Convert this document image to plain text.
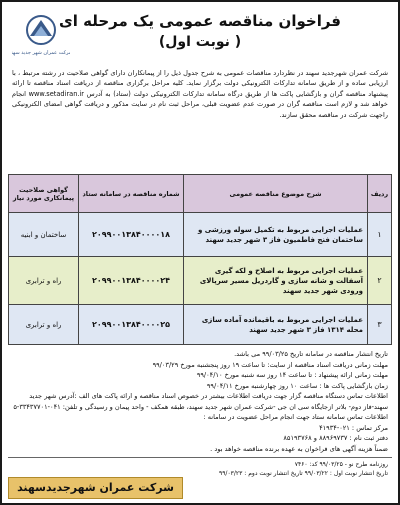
فراخوان مناقصه عمومی یک مرحله ای
( نوبت اول)
شرکت عمران شهر جدید سهند

شرکت عمران شهرجدید سهند در نظردارد مناقصات عمومی به شرح جدول ذیل را از پیمانکاران دارای گواهی صلاحیت در رشته مرتبط ، با ارزیابی ساده و از طریق سامانه تدارکات الکترونیکی دولت برگزار نماید. کلیه مراحل برگزاری مناقصه از دریافت اسناد مناقصه تا ارائه پیشنهاد مناقصه گران و بازگشایی پاکت ها از طریق درگاه سامانه تدارکات الکترونیکی دولت (ستاد) به آدرس www.setadiran.ir انجام خواهد شد و لازم است مناقصه گران در صورت عدم عضویت قبلی، مراحل ثبت نام در سایت مذکور و دریافت گواهی امضای الکترونیکی راجهت شرکت در مناقصه محقق سازند.

ردیف	شرح موضوع مناقصه عمومی	شماره مناقصه در سامانه ستاد	گواهی صلاحیت پیمانکاری مورد نیاز
۱	عملیات اجرایی مربوط به تکمیل سوله ورزشی و ساختمان فنج فاطمیون فاز ۳ شهر جدید سهند	۲۰۹۹۰۰۱۳۸۴۰۰۰۰۱۸	ساختمان و ابنیه
۲	عملیات اجرایی مربوط به اصلاح و لکه گیری آسفالت و شانه سازی و گاردریل مسیر سرپالای ورودی شهر جدید سهند	۲۰۹۹۰۰۱۳۸۴۰۰۰۰۲۴	راه و ترابری
۳	عملیات اجرایی مربوط به باقیمانده آماده سازی محله ۱۳۱۴ فاز ۳ شهر جدید سهند	۲۰۹۹۰۰۱۳۸۴۰۰۰۰۲۵	راه و ترابری
تاریخ انتشار مناقصه در سامانه تاریخ ۹۹/۰۳/۲۵ می باشد.
مهلت زمانی دریافت اسناد مناقصه از سایت: تا ساعت ۱۹ روز پنجشنبه مورخ ۹۹/۰۳/۲۹
مهلت زمانی ارائه پیشنهاد : تا ساعت ۱۴ روز سه شنبه مورخ ۹۹/۰۴/۱۰
زمان بازگشایی پاکت ها : ساعت ۱۰ روز چهارشنبه مورخ ۹۹/۰۴/۱۱
اطلاعات تماس دستگاه مناقصه گزار جهت دریافت اطلاعات بیشتر در خصوص اسناد مناقصه و ارائه پاکت های الف :آدرس شهر جدید سهند-فاز دوم- بلاتر ازجایگاه سی ان جی -شرکت عمران شهر جدید سهند، طبقه همکف - واحد پیمان و رسیدگی و تلفن: ۰۴۱-۳۳۴۳۷۷۰۱-۵
اطلاعات تماس سامانه ستاد جهت انجام مراحل عضویت در سامانه :
مرکز تماس : ۰۲۱-۴۱۹۳۴
دفتر ثبت نام : ۸۸۹۶۹۷۳۷ و ۸۵۱۹۳۷۶۸
ضمناً هزینه آگهی های فراخوان به عهده برنده مناقصه خواهد بود .
روزنامه طرح نو - ۹۹/۰۳/۲۵ کد: ۷۴۶۰
تاریخ انتشار نوبت اول : ۹۹/۰۳/۲۲ تاریخ انتشار نوبت دوم : ۹۹/۰۳/۲۳
شرکت عمران شهرجدیدسهند
